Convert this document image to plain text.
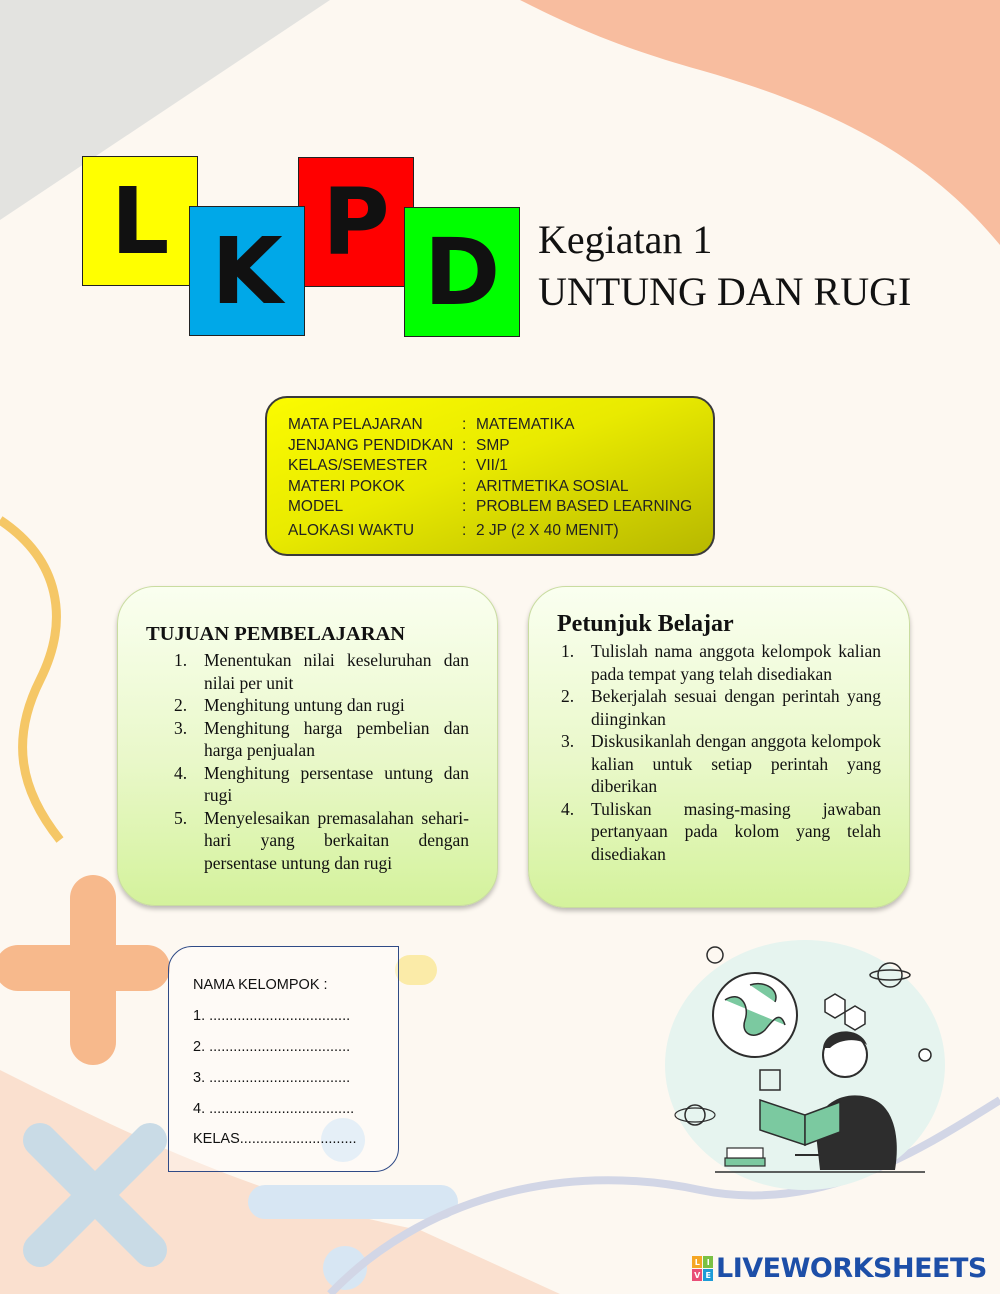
L P
K D Kegiatan 1
UNTUNG DAN RUGI
MATA PELAJARAN	: MATEMATIKA
JENJANG PENDIDKAN : SMP
KELAS/SEMESTER	: VII/1
MATERI POKOK	: ARITMETIKA SOSIAL
MODEL	: PROBLEM BASED LEARNING
ALOKASI WAKTU	: 2 JP (2 X 40 MENIT)
TUJUAN PEMBELAJARAN
1. Menentukan nilai keseluruhan dan nilai per unit
2. Menghitung untung dan rugi
3. Menghitung harga pembelian dan harga penjualan
4. Menghitung persentase untung dan rugi
5. Menyelesaikan premasalahan sehari-hari yang berkaitan dengan persentase untung dan rugi
Petunjuk Belajar
1. Tulislah nama anggota kelompok kalian pada tempat yang telah disediakan
2. Bekerjalah sesuai dengan perintah yang diinginkan
3. Diskusikanlah dengan anggota kelompok kalian untuk setiap perintah yang diberikan
4. Tuliskan masing-masing jawaban pertanyaan pada kolom yang telah disediakan
NAMA KELOMPOK :
1. ...................................
2. ...................................
3. ...................................
4. ....................................
KELAS.............................
L I
V E LIVEWORKSHEETS
